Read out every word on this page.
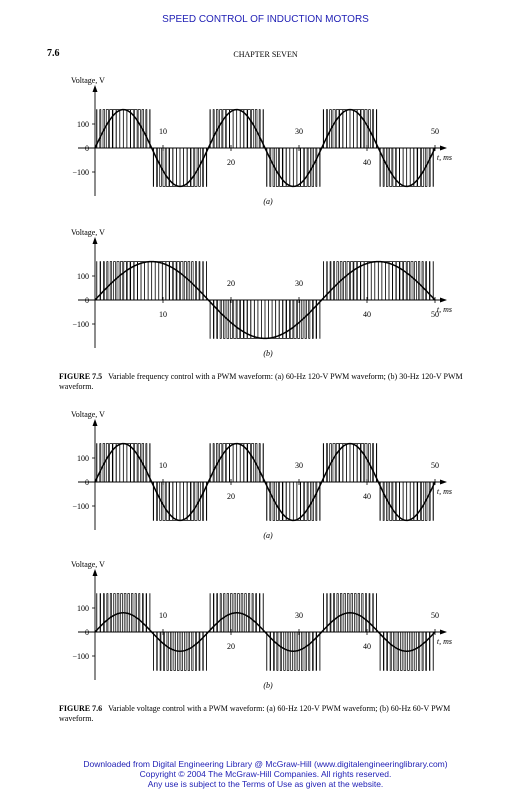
SPEED CONTROL OF INDUCTION MOTORS
7.6	CHAPTER SEVEN
Voltage, V
t, ms
100
0
−100
10	30	50
20	40
(a)
Voltage, V
t, ms
100
0
−100
20	30
10	40	50
(b)
FIGURE 7.5 Variable frequency control with a PWM waveform: (a) 60-Hz 120-V PWM waveform; (b) 30-Hz 120-V PWM waveform.
Voltage, V
t, ms
100
0
−100
10	30	50
20	40
(a)
Voltage, V
t, ms
100
0
−100
10	30	50
20	40
(b)
FIGURE 7.6 Variable voltage control with a PWM waveform: (a) 60-Hz 120-V PWM waveform; (b) 60-Hz 60-V PWM waveform.
Downloaded from Digital Engineering Library @ McGraw-Hill (www.digitalengineeringlibrary.com)
Copyright © 2004 The McGraw-Hill Companies. All rights reserved.
Any use is subject to the Terms of Use as given at the website.
